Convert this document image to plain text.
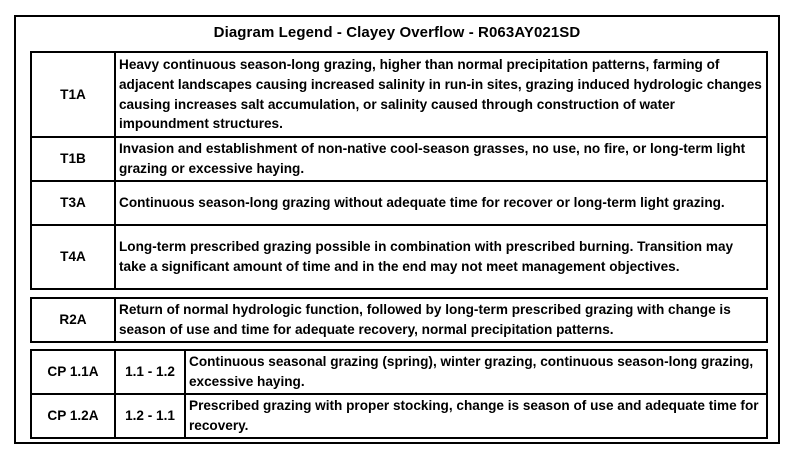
Diagram Legend - Clayey Overflow - R063AY021SD
T1A	Heavy continuous season-long grazing, higher than normal precipitation patterns, farming of adjacent landscapes causing increased salinity in run-in sites, grazing induced hydrologic changes causing increases salt accumulation, or salinity caused through construction of water impoundment structures.
T1B	Invasion and establishment of non-native cool-season grasses, no use, no fire, or long-term light grazing or excessive haying.
T3A	Continuous season-long grazing without adequate time for recover or long-term light grazing.
T4A	Long-term prescribed grazing possible in combination with prescribed burning. Transition may take a significant amount of time and in the end may not meet management objectives.
R2A	Return of normal hydrologic function, followed by long-term prescribed grazing with change is season of use and time for adequate recovery, normal precipitation patterns.
CP 1.1A	1.1 - 1.2	Continuous seasonal grazing (spring), winter grazing, continuous season-long grazing, excessive haying.
CP 1.2A	1.2 - 1.1	Prescribed grazing with proper stocking, change is season of use and adequate time for recovery.
